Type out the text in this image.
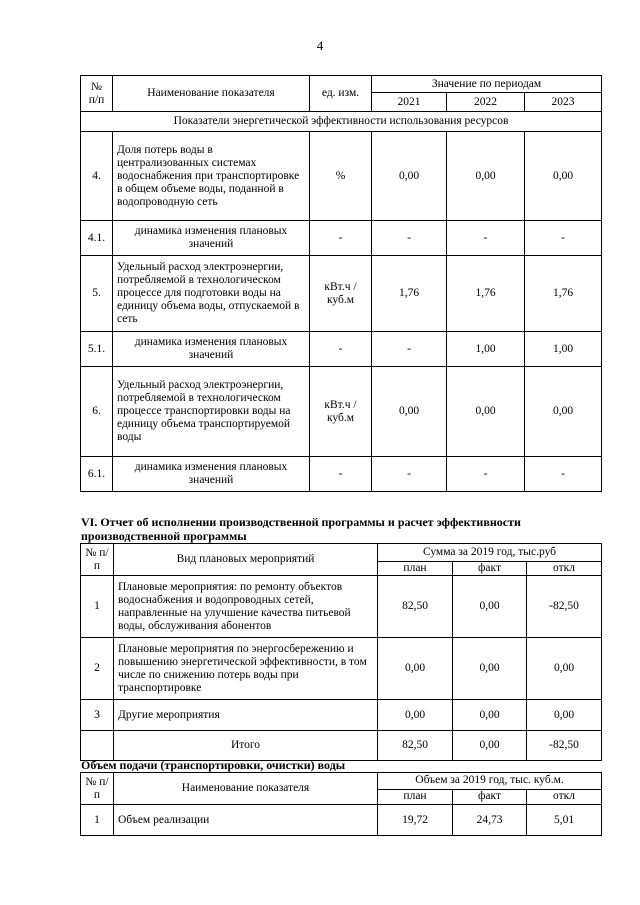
4
№ п/п	Наименование показателя	ед. изм.	Значение по периодам		
			2021	2022	2023
Показатели энергетической эффективности использования ресурсов					
4.	Доля потерь воды в централизованных системах водоснабжения при транспортировке в общем объеме воды, поданной в водопроводную сеть	%	0,00	0,00	0,00
4.1.	динамика изменения плановых значений	-	-	-	-
5.	Удельный расход электроэнергии, потребляемой в технологическом процессе для подготовки воды на единицу объема воды, отпускаемой в сеть	кВт.ч / куб.м	1,76	1,76	1,76
5.1.	динамика изменения плановых значений	-	-	1,00	1,00
6.	Удельный расход электроэнергии, потребляемой в технологическом процессе транспортировки воды на единицу объема транспортируемой воды	кВт.ч / куб.м	0,00	0,00	0,00
6.1.	динамика изменения плановых значений	-	-	-	-
VI. Отчет об исполнении производственной программы и расчет эффективности производственной программы
№ п/п	Вид плановых мероприятий	Сумма за 2019 год, тыс.руб		
		план	факт	откл
1	Плановые мероприятия: по ремонту объектов водоснабжения и водопроводных сетей, направленные на улучшение качества питьевой воды, обслуживания абонентов	82,50	0,00	-82,50
2	Плановые мероприятия по энергосбережению и повышению энергетической эффективности, в том числе по снижению потерь воды при транспортировке	0,00	0,00	0,00
3	Другие мероприятия	0,00	0,00	0,00
	Итого	82,50	0,00	-82,50
Объем подачи (транспортировки, очистки) воды
№ п/п	Наименование показателя	Объем за 2019 год, тыс. куб.м.		
		план	факт	откл
1	Объем реализации	19,72	24,73	5,01
